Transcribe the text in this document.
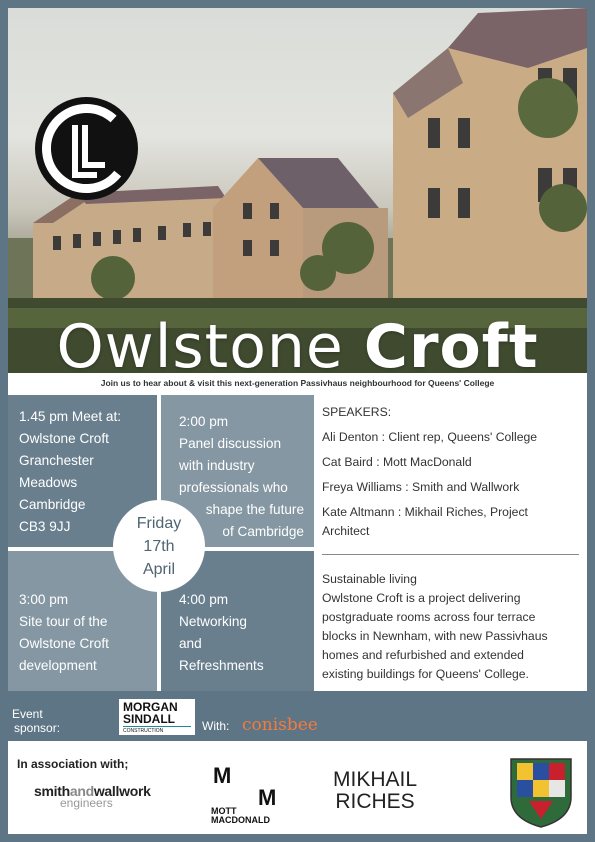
Owlstone Croft
Join us to hear about & visit this next-generation Passivhaus neighbourhood for Queens' College
1.45 pm Meet at:
Owlstone Croft
Granchester
Meadows
Cambridge
CB3 9JJ
2:00 pm
Panel discussion
with industry
professionals who
shape the future
of Cambridge
3:00 pm
Site tour of the
Owlstone Croft
development
4:00 pm
Networking
and
Refreshments
Friday
17th
April
SPEAKERS:
Ali Denton : Client rep, Queens' College
Cat Baird : Mott MacDonald
Freya Williams : Smith and Wallwork
Kate Altmann : Mikhail Riches, Project
Architect
Sustainable living
Owlstone Croft is a project delivering
postgraduate rooms across four terrace
blocks in Newnham, with new Passivhaus
homes and refurbished and extended
existing buildings for Queens' College.
Event
sponsor:
MORGAN
SINDALL
CONSTRUCTION	With: conisbee
In association with;
smithandwallwork
engineers
M
M
MOTT
MACDONALD
MIKHAIL
RICHES
